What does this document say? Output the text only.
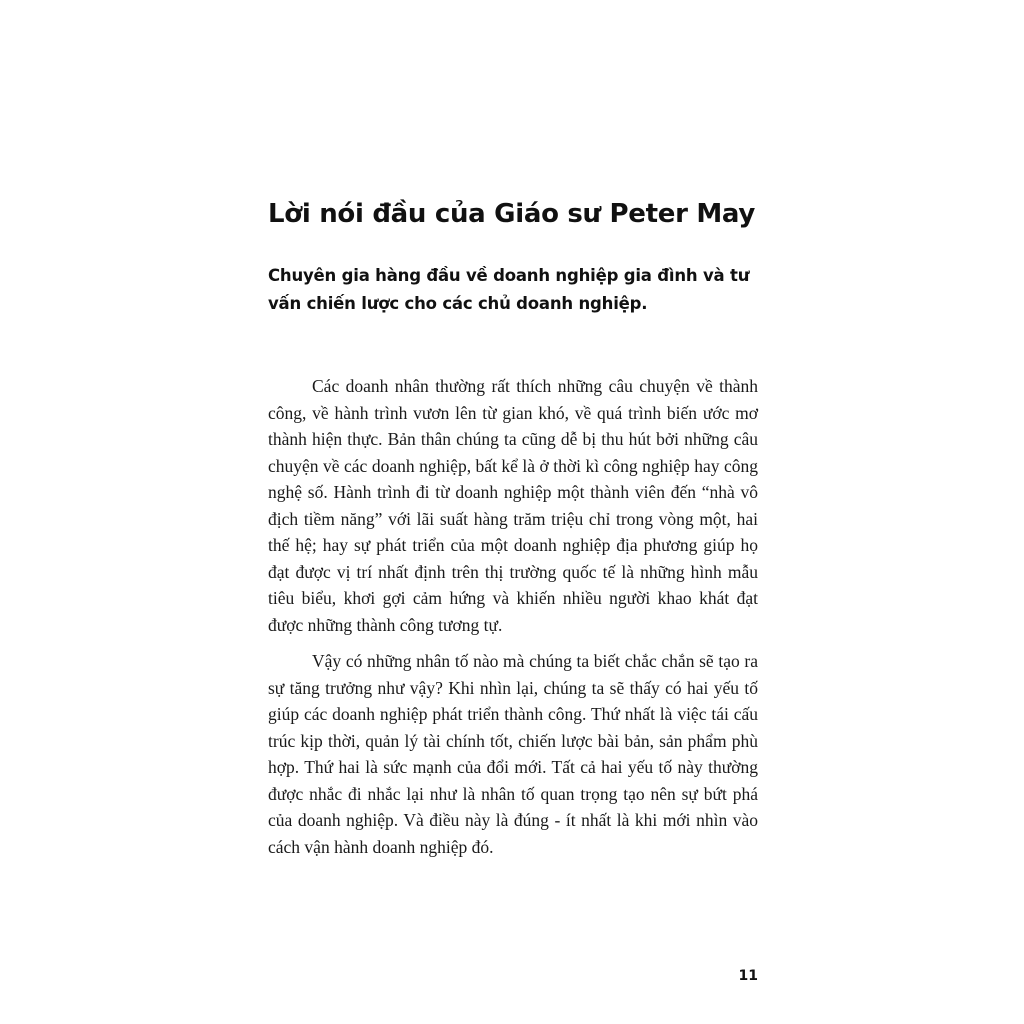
Lời nói đầu của Giáo sư Peter May
Chuyên gia hàng đầu về doanh nghiệp gia đình và tư vấn chiến lược cho các chủ doanh nghiệp.

Các doanh nhân thường rất thích những câu chuyện về thành công, về hành trình vươn lên từ gian khó, về quá trình biến ước mơ thành hiện thực. Bản thân chúng ta cũng dễ bị thu hút bởi những câu chuyện về các doanh nghiệp, bất kể là ở thời kì công nghiệp hay công nghệ số. Hành trình đi từ doanh nghiệp một thành viên đến “nhà vô địch tiềm năng” với lãi suất hàng trăm triệu chỉ trong vòng một, hai thế hệ; hay sự phát triển của một doanh nghiệp địa phương giúp họ đạt được vị trí nhất định trên thị trường quốc tế là những hình mẫu tiêu biểu, khơi gợi cảm hứng và khiến nhiều người khao khát đạt được những thành công tương tự.

Vậy có những nhân tố nào mà chúng ta biết chắc chắn sẽ tạo ra sự tăng trưởng như vậy? Khi nhìn lại, chúng ta sẽ thấy có hai yếu tố giúp các doanh nghiệp phát triển thành công. Thứ nhất là việc tái cấu trúc kịp thời, quản lý tài chính tốt, chiến lược bài bản, sản phẩm phù hợp. Thứ hai là sức mạnh của đổi mới. Tất cả hai yếu tố này thường được nhắc đi nhắc lại như là nhân tố quan trọng tạo nên sự bứt phá của doanh nghiệp. Và điều này là đúng - ít nhất là khi mới nhìn vào cách vận hành doanh nghiệp đó.

11
